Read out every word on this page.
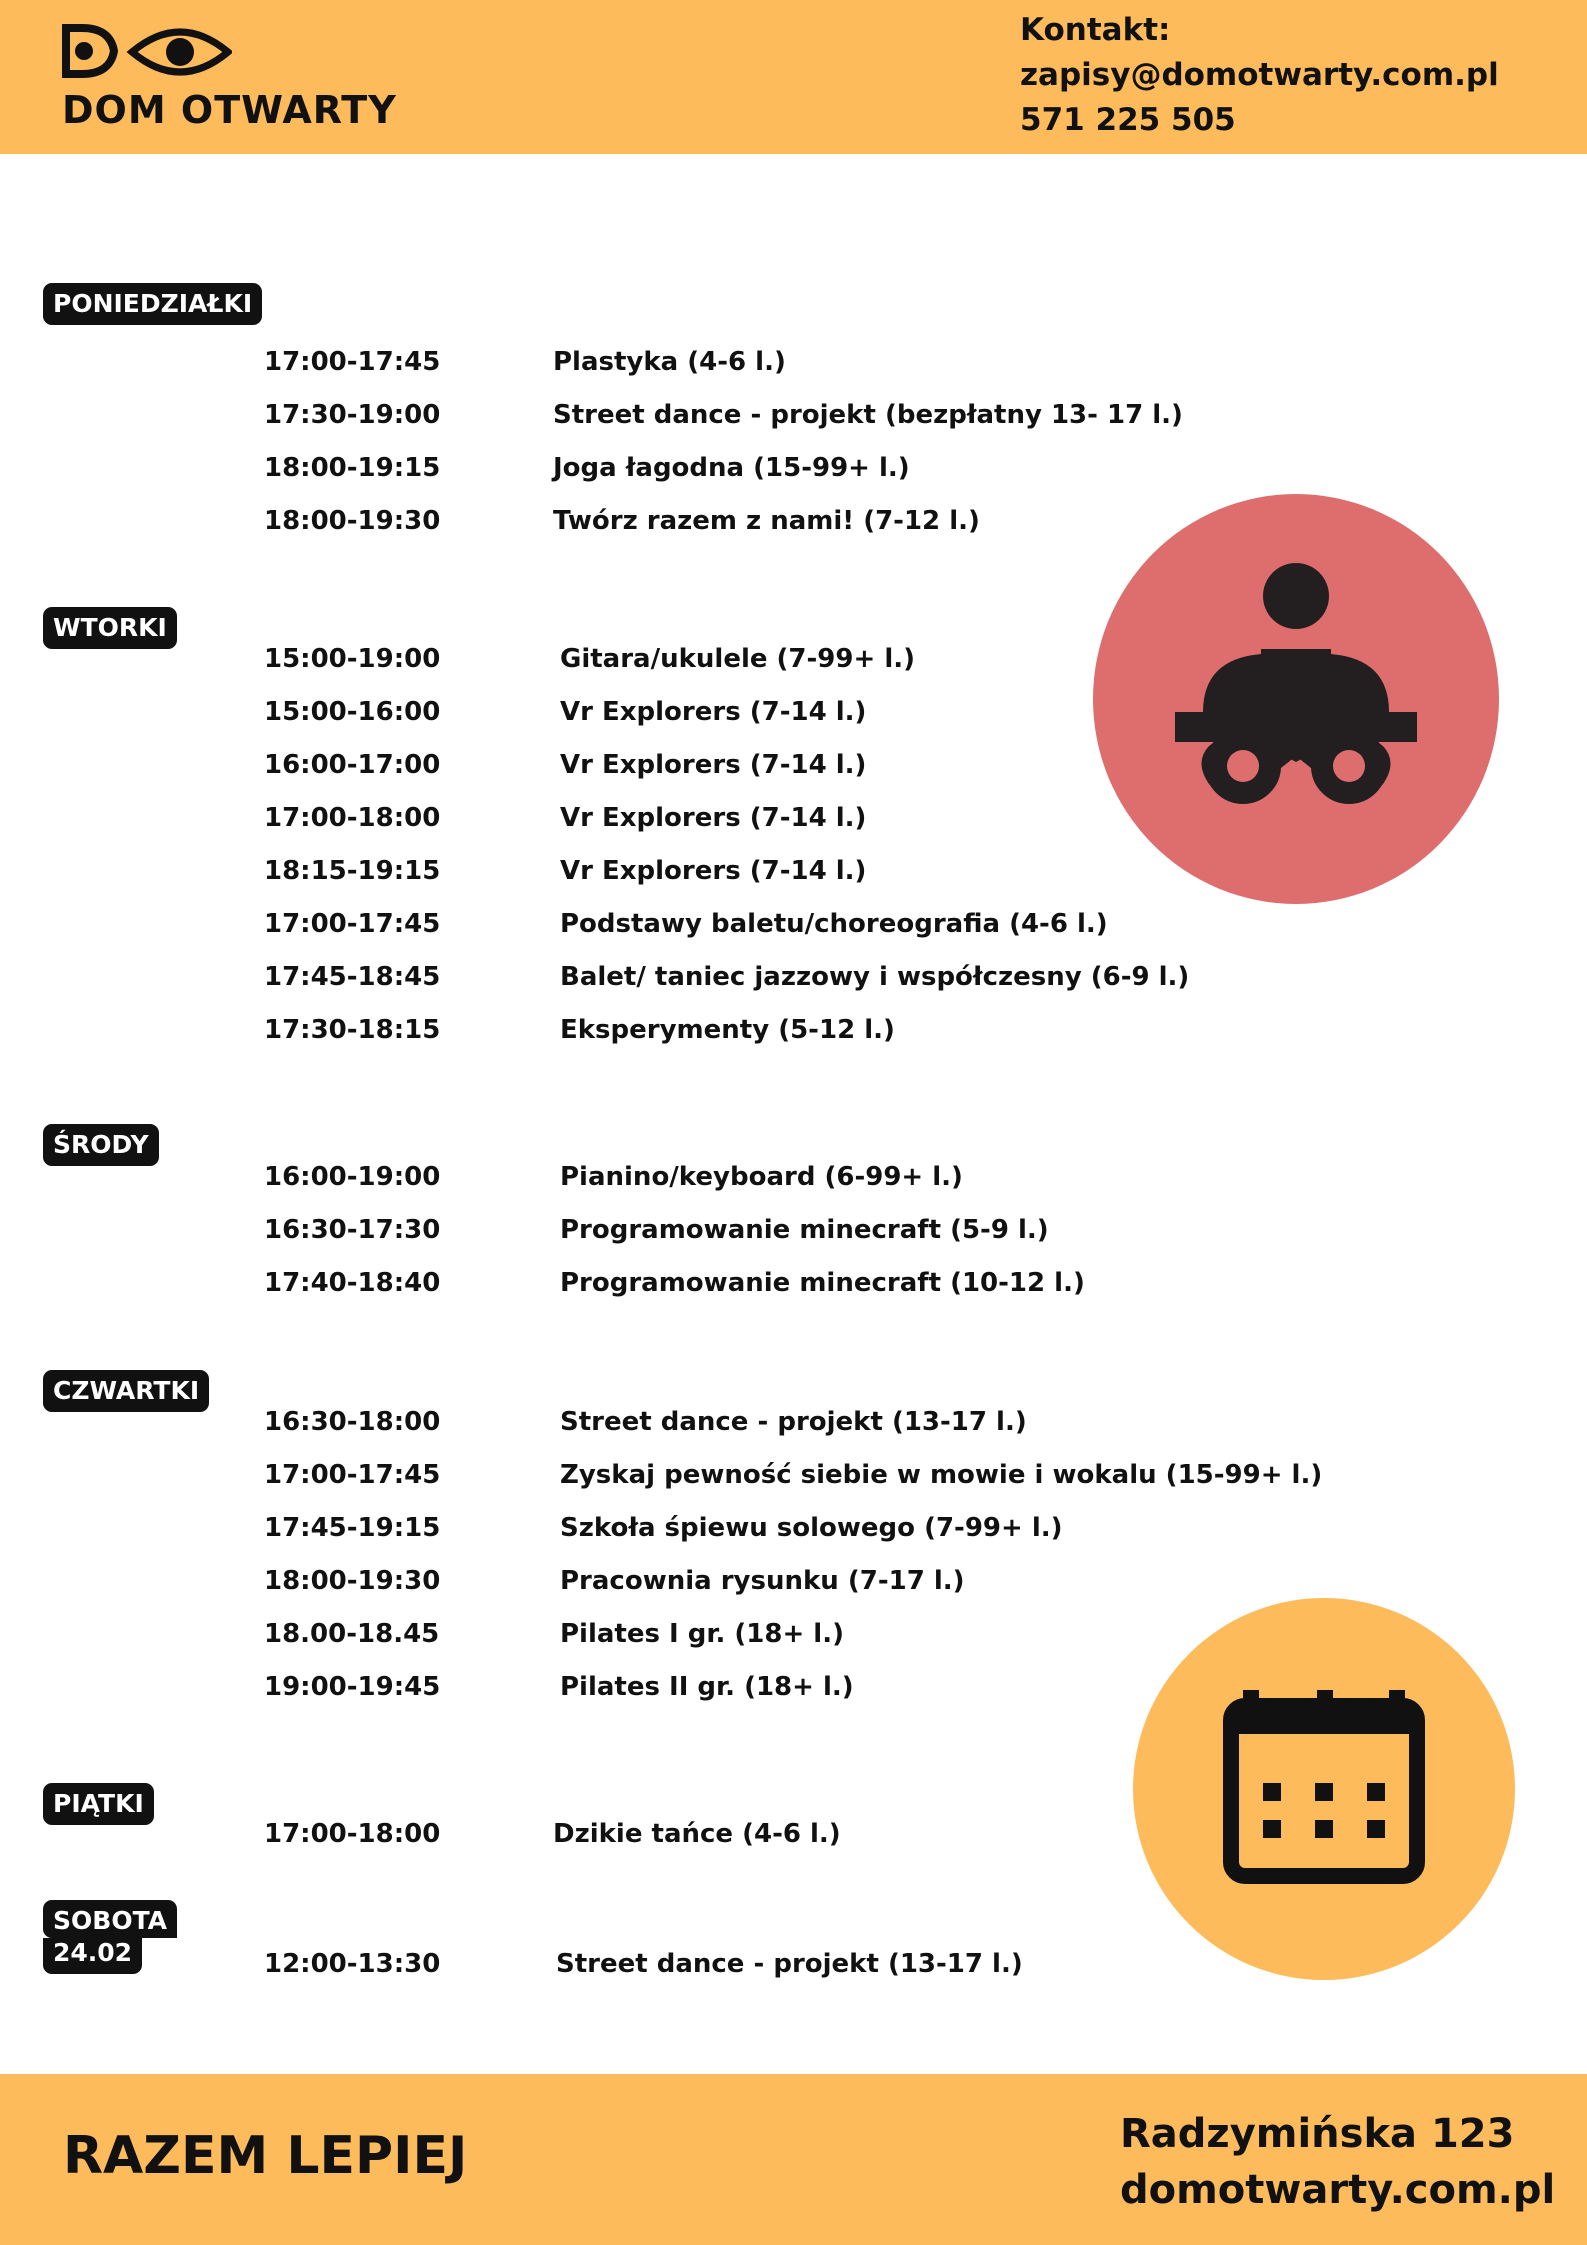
DOM OTWARTY
Kontakt:
zapisy@domotwarty.com.pl
571 225 505
PONIEDZIAŁKI
17:00-17:45	Plastyka (4-6 l.)
17:30-19:00	Street dance - projekt (bezpłatny 13- 17 l.)
18:00-19:15	Joga łagodna (15-99+ l.)
18:00-19:30	Twórz razem z nami! (7-12 l.)
WTORKI
15:00-19:00	Gitara/ukulele (7-99+ l.)
15:00-16:00	Vr Explorers (7-14 l.)
16:00-17:00	Vr Explorers (7-14 l.)
17:00-18:00	Vr Explorers (7-14 l.)
18:15-19:15	Vr Explorers (7-14 l.)
17:00-17:45	Podstawy baletu/choreografia (4-6 l.)
17:45-18:45	Balet/ taniec jazzowy i współczesny (6-9 l.)
17:30-18:15	Eksperymenty (5-12 l.)
ŚRODY
16:00-19:00	Pianino/keyboard (6-99+ l.)
16:30-17:30	Programowanie minecraft (5-9 l.)
17:40-18:40	Programowanie minecraft (10-12 l.)
CZWARTKI
16:30-18:00	Street dance - projekt (13-17 l.)
17:00-17:45	Zyskaj pewność siebie w mowie i wokalu (15-99+ l.)
17:45-19:15	Szkoła śpiewu solowego (7-99+ l.)
18:00-19:30	Pracownia rysunku (7-17 l.)
18.00-18.45	Pilates I gr. (18+ l.)
19:00-19:45	Pilates II gr. (18+ l.)
PIĄTKI
17:00-18:00	Dzikie tańce (4-6 l.)
SOBOTA
24.02	12:00-13:30	Street dance - projekt (13-17 l.)
RAZEM LEPIEJ	Radzymińska 123
domotwarty.com.pl
